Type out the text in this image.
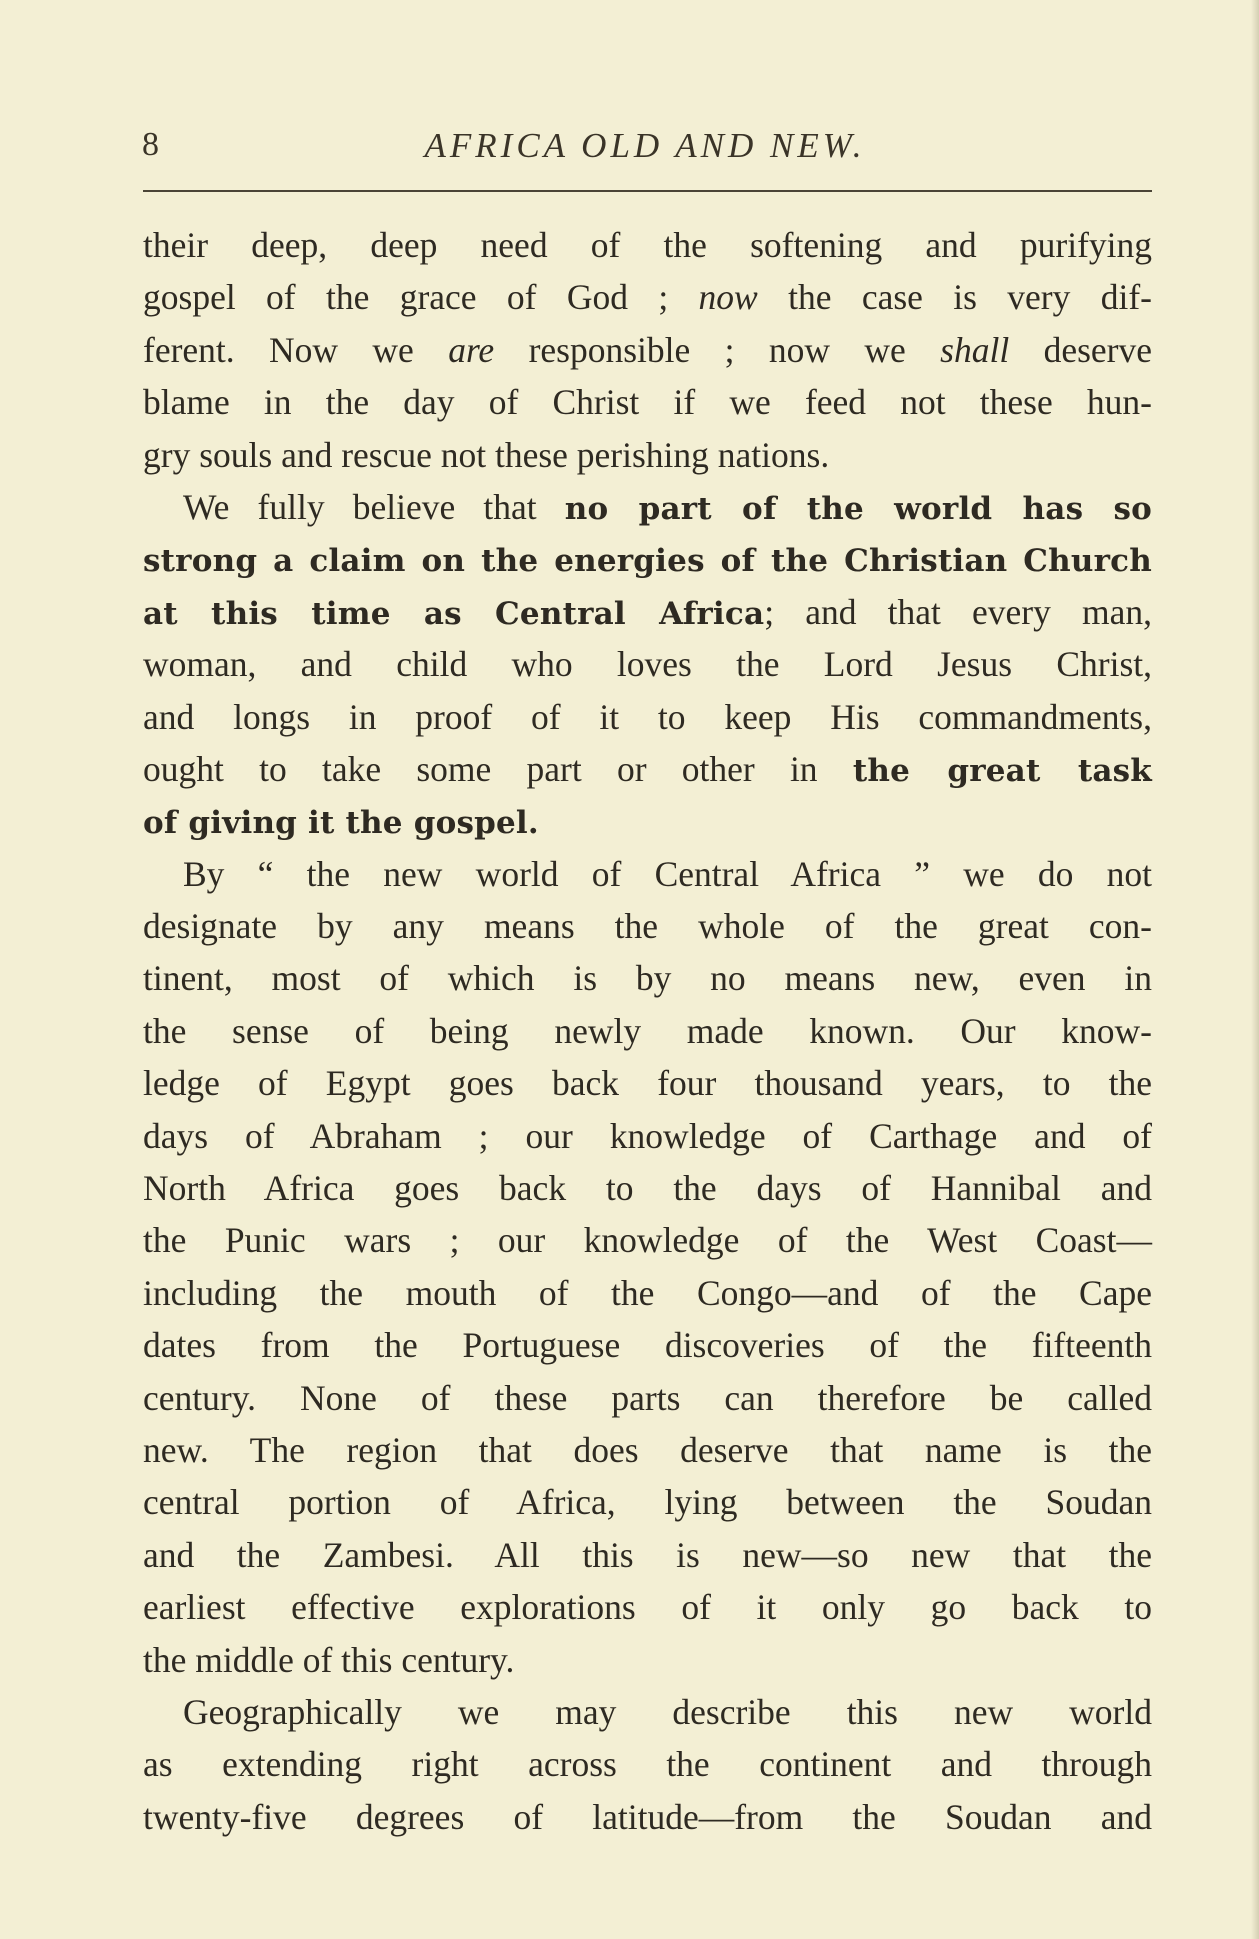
8	AFRICA OLD AND NEW.
their deep, deep need of the softening and purifying
gospel of the grace of God ; now the case is very dif-
ferent. Now we are responsible ; now we shall deserve
blame in the day of Christ if we feed not these hun-
gry souls and rescue not these perishing nations.
We fully believe that no part of the world has so
strong a claim on the energies of the Christian Church
at this time as Central Africa; and that every man,
woman, and child who loves the Lord Jesus Christ,
and longs in proof of it to keep His commandments,
ought to take some part or other in the great task
of giving it the gospel.
By “ the new world of Central Africa ” we do not
designate by any means the whole of the great con-
tinent, most of which is by no means new, even in
the sense of being newly made known. Our know-
ledge of Egypt goes back four thousand years, to the
days of Abraham ; our knowledge of Carthage and of
North Africa goes back to the days of Hannibal and
the Punic wars ; our knowledge of the West Coast—
including the mouth of the Congo—and of the Cape
dates from the Portuguese discoveries of the fifteenth
century. None of these parts can therefore be called
new. The region that does deserve that name is the
central portion of Africa, lying between the Soudan
and the Zambesi. All this is new—so new that the
earliest effective explorations of it only go back to
the middle of this century.
Geographically we may describe this new world
as extending right across the continent and through
twenty-five degrees of latitude—from the Soudan and
